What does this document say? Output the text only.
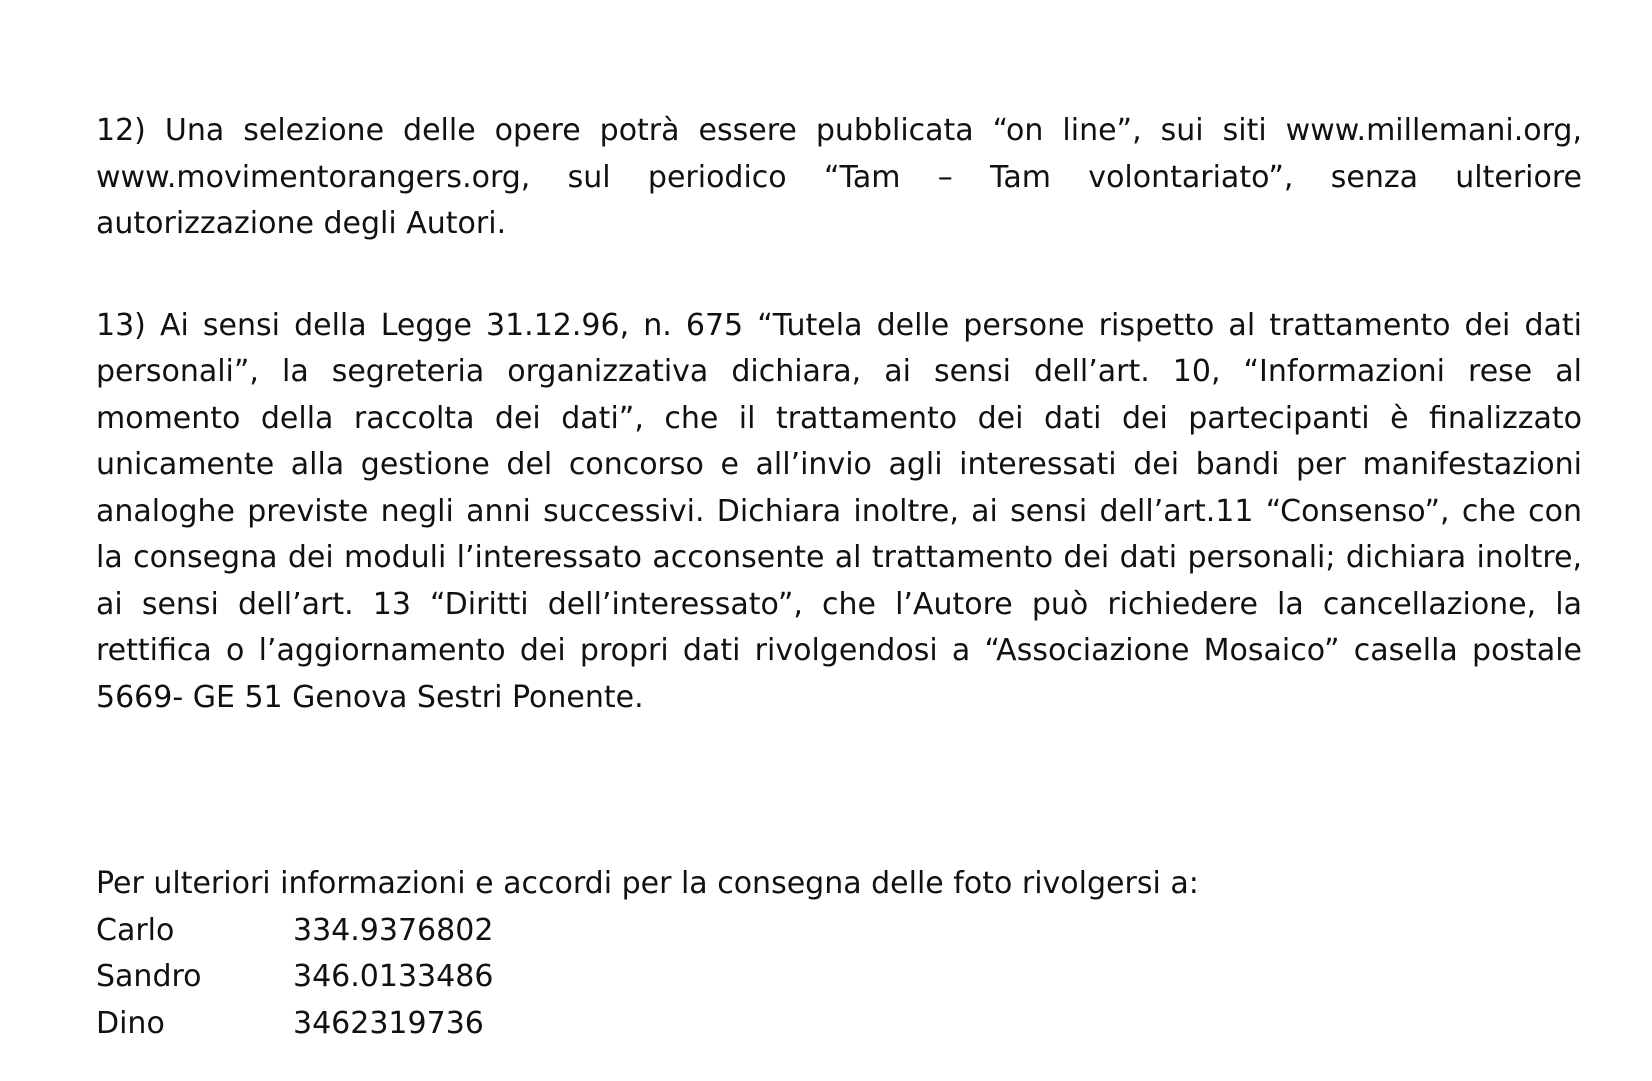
12) Una selezione delle opere potrà essere pubblicata “on line”, sui siti www.millemani.org, www.movimentorangers.org, sul periodico “Tam – Tam volontariato”, senza ulteriore autorizzazione degli Autori.

13) Ai sensi della Legge 31.12.96, n. 675 “Tutela delle persone rispetto al trattamento dei dati personali”, la segreteria organizzativa dichiara, ai sensi dell’art. 10, “Informazioni rese al momento della raccolta dei dati”, che il trattamento dei dati dei partecipanti è finalizzato unicamente alla gestione del concorso e all’invio agli interessati dei bandi per manifestazioni analoghe previste negli anni successivi. Dichiara inoltre, ai sensi dell’art.11 “Consenso”, che con la consegna dei moduli l’interessato acconsente al trattamento dei dati personali; dichiara inoltre, ai sensi dell’art. 13 “Diritti dell’interessato”, che l’Autore può richiedere la cancellazione, la rettifica o l’aggiornamento dei propri dati rivolgendosi a “Associazione Mosaico” casella postale 5669- GE 51 Genova Sestri Ponente.

Per ulteriori informazioni e accordi per la consegna delle foto rivolgersi a:

Carlo	334.9376802
Sandro	346.0133486
Dino	3462319736
